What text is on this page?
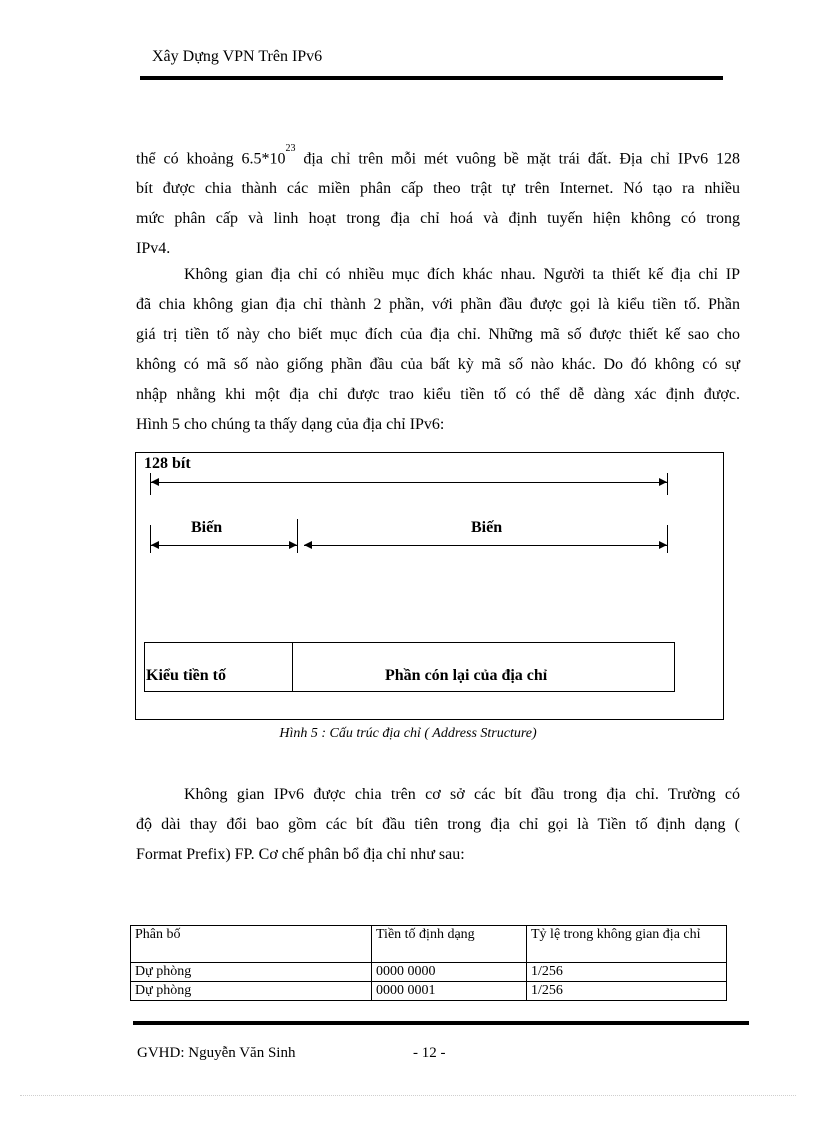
Xây Dựng VPN Trên IPv6
thể có khoảng $6.5*10^{23}$ địa chỉ trên mỗi mét vuông bề mặt trái đất. Địa chỉ IPv6 128
bít được chia thành các miền phân cấp theo trật tự trên Internet. Nó tạo ra nhiều
mức phân cấp và linh hoạt trong địa chỉ hoá và định tuyến hiện không có trong
IPv4.
Không gian địa chỉ có nhiều mục đích khác nhau. Người ta thiết kế địa chỉ IP
đã chia không gian địa chỉ thành 2 phần, với phần đầu được gọi là kiểu tiền tố. Phần
giá trị tiền tố này cho biết mục đích của địa chỉ. Những mã số được thiết kế sao cho
không có mã số nào giống phần đầu của bất kỳ mã số nào khác. Do đó không có sự
nhập nhằng khi một địa chỉ được trao kiểu tiền tố có thể dễ dàng xác định được.
Hình 5 cho chúng ta thấy dạng của địa chỉ IPv6:
128 bít
Biến	Biến
Kiểu tiền tố	Phần cón lại của địa chỉ
Hình 5 : Cấu trúc địa chỉ ( Address Structure)
Không gian IPv6 được chia trên cơ sở các bít đầu trong địa chỉ. Trường có
độ dài thay đổi bao gồm các bít đầu tiên trong địa chỉ gọi là Tiền tố định dạng (
Format Prefix) FP. Cơ chế phân bổ địa chỉ như sau:
Phân bố	Tiền tố định dạng	Tỷ lệ trong không gian địa chỉ
Dự phòng	0000 0000	1/256
Dự phòng	0000 0001	1/256
GVHD: Nguyễn Văn Sinh	- 12 -
